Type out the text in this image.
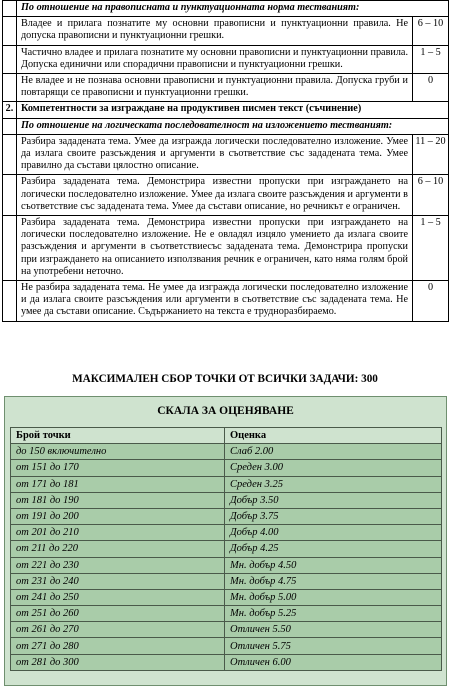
	По отношение на правописната и пунктуационната норма тестваният:	
	Владее и прилага познатите му основни правописни и пунктуационни правила. Не допуска правописни и пунктуационни грешки.	6 – 10
	Частично владее и прилага познатите му основни правописни и пунктуационни правила. Допуска единични или спорадични правописни и пунктуационни грешки.	1 – 5
	Не владее и не познава основни правописни и пунктуационни правила. Допуска груби и повтарящи се правописни и пунктуационни грешки.	0
2.	Компетентности за изграждане на продуктивен писмен текст (съчинение)	
	По отношение на логическата последователност на изложението тестваният:	
	Разбира зададената тема. Умее да изгражда логически последователно изложение. Умее да излага своите разсъждения и аргументи в съответствие със зададената тема. Умее правилно да състави цялостно описание.	11 – 20
	Разбира зададената тема. Демонстрира известни пропуски при изграждането на логически последователно изложение. Умее да излага своите разсъждения и аргументи в съответствие със зададената тема. Умее да състави описание, но речникът е ограничен.	6 – 10
	Разбира зададената тема. Демонстрира известни пропуски при изграждането на логически последователно изложение. Не е овладял изцяло умението да излага своите разсъждения и аргументи в съответствиесъс зададената тема. Демонстрира пропуски при изграждането на описанието използвания речник е ограничен, като няма голям брой на употребени неточно.	1 – 5
	Не разбира зададената тема. Не умее да изгражда логически последователно изложение и да излага своите разсъждения или аргументи в съответствие със зададената тема. Не умее да състави описание. Съдържанието на текста е трудноразбираемо.	0
МАКСИМАЛЕН СБОР ТОЧКИ ОТ ВСИЧКИ ЗАДАЧИ: 300
СКАЛА ЗА ОЦЕНЯВАНЕ
Брой точки	Оценка
до 150 включително	Слаб 2.00
от 151 до 170	Среден 3.00
от 171 до 181	Среден 3.25
от 181 до 190	Добър 3.50
от 191 до 200	Добър 3.75
от 201 до 210	Добър 4.00
от 211 до 220	Добър 4.25
от 221 до 230	Мн. добър 4.50
от 231 до 240	Мн. добър 4.75
от 241 до 250	Мн. добър 5.00
от 251 до 260	Мн. добър 5.25
от 261 до 270	Отличен 5.50
от 271 до 280	Отличен 5.75
от 281 до 300	Отличен 6.00
